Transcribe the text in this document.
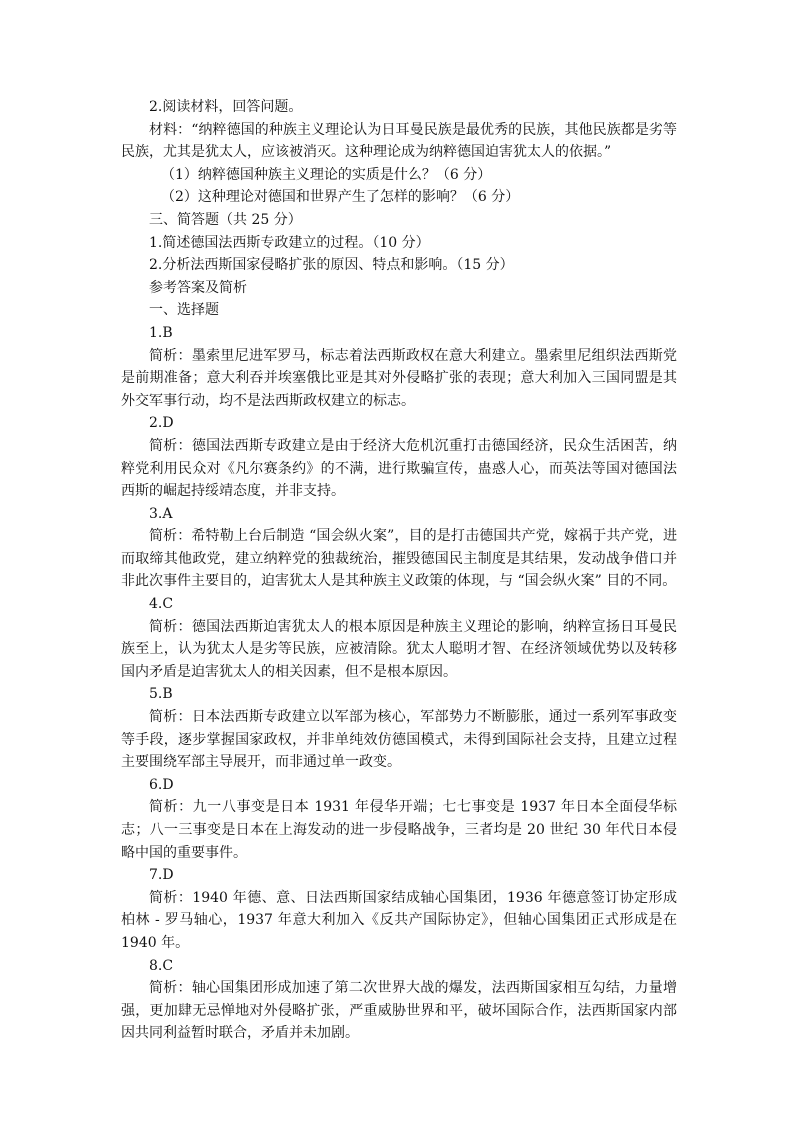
2.阅读材料，回答问题。

材料：“纳粹德国的种族主义理论认为日耳曼民族是最优秀的民族，其他民族都是劣等民族，尤其是犹太人，应该被消灭。这种理论成为纳粹德国迫害犹太人的依据。”

（1）纳粹德国种族主义理论的实质是什么？（6 分）

（2）这种理论对德国和世界产生了怎样的影响？（6 分）

三、简答题（共 25 分）

1.简述德国法西斯专政建立的过程。（10 分）

2.分析法西斯国家侵略扩张的原因、特点和影响。（15 分）

参考答案及简析

一、选择题

1.B

简析：墨索里尼进军罗马，标志着法西斯政权在意大利建立。墨索里尼组织法西斯党是前期准备；意大利吞并埃塞俄比亚是其对外侵略扩张的表现；意大利加入三国同盟是其外交军事行动，均不是法西斯政权建立的标志。

2.D

简析：德国法西斯专政建立是由于经济大危机沉重打击德国经济，民众生活困苦，纳粹党利用民众对《凡尔赛条约》的不满，进行欺骗宣传，蛊惑人心，而英法等国对德国法西斯的崛起持绥靖态度，并非支持。

3.A

简析：希特勒上台后制造 “国会纵火案”，目的是打击德国共产党，嫁祸于共产党，进而取缔其他政党，建立纳粹党的独裁统治，摧毁德国民主制度是其结果，发动战争借口并非此次事件主要目的，迫害犹太人是其种族主义政策的体现，与 “国会纵火案” 目的不同。

4.C

简析：德国法西斯迫害犹太人的根本原因是种族主义理论的影响，纳粹宣扬日耳曼民族至上，认为犹太人是劣等民族，应被清除。犹太人聪明才智、在经济领域优势以及转移国内矛盾是迫害犹太人的相关因素，但不是根本原因。

5.B

简析：日本法西斯专政建立以军部为核心，军部势力不断膨胀，通过一系列军事政变等手段，逐步掌握国家政权，并非单纯效仿德国模式，未得到国际社会支持，且建立过程主要围绕军部主导展开，而非通过单一政变。

6.D

简析：九一八事变是日本 1931 年侵华开端；七七事变是 1937 年日本全面侵华标志；八一三事变是日本在上海发动的进一步侵略战争，三者均是 20 世纪 30 年代日本侵略中国的重要事件。

7.D

简析：1940 年德、意、日法西斯国家结成轴心国集团，1936 年德意签订协定形成柏林 - 罗马轴心，1937 年意大利加入《反共产国际协定》，但轴心国集团正式形成是在 1940 年。

8.C

简析：轴心国集团形成加速了第二次世界大战的爆发，法西斯国家相互勾结，力量增强，更加肆无忌惮地对外侵略扩张，严重威胁世界和平，破坏国际合作，法西斯国家内部因共同利益暂时联合，矛盾并未加剧。
